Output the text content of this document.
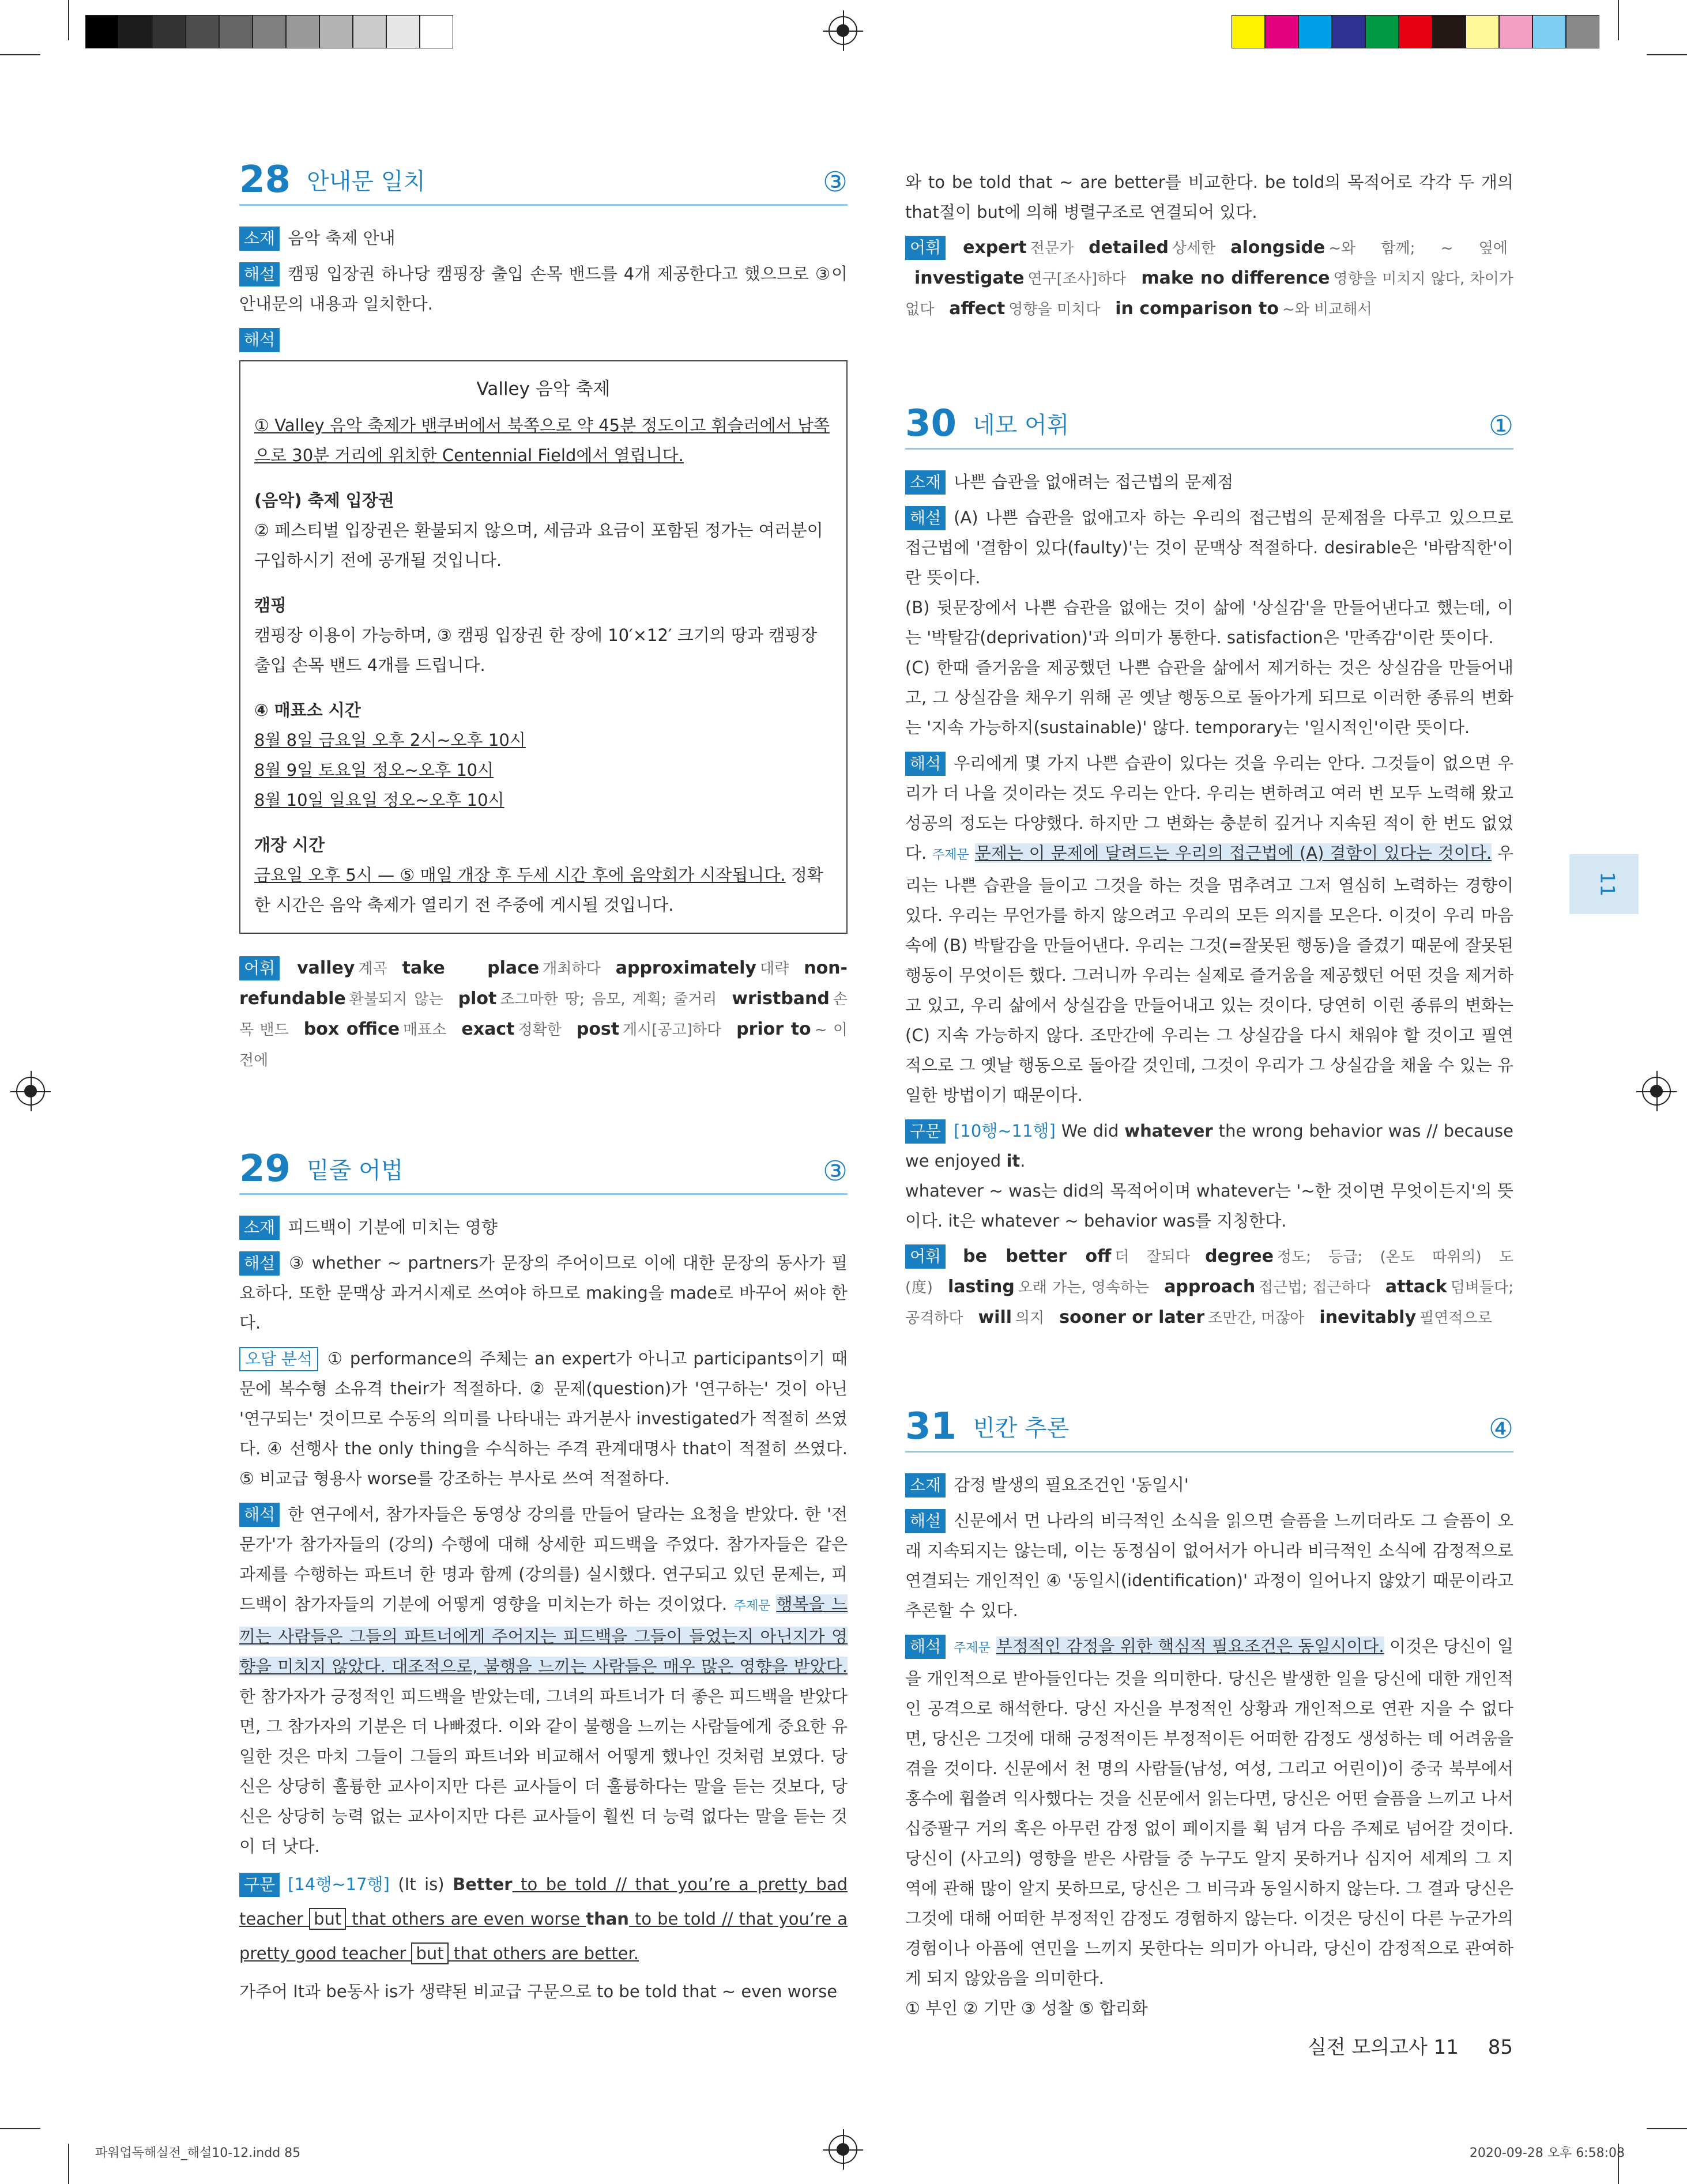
28 안내문 일치	③

소재 음악 축제 안내

해설 캠핑 입장권 하나당 캠핑장 출입 손목 밴드를 4개 제공한다고 했으므로 ③이 안내문의 내용과 일치한다.

해석

Valley 음악 축제

① Valley 음악 축제가 밴쿠버에서 북쪽으로 약 45분 정도이고 휘슬러에서 남쪽으로 30분 거리에 위치한 Centennial Field에서 열립니다.

(음악) 축제 입장권
② 페스티벌 입장권은 환불되지 않으며, 세금과 요금이 포함된 정가는 여러분이 구입하시기 전에 공개될 것입니다.

캠핑
캠핑장 이용이 가능하며, ③ 캠핑 입장권 한 장에 10′×12′ 크기의 땅과 캠핑장 출입 손목 밴드 4개를 드립니다.

④ 매표소 시간
8월 8일 금요일 오후 2시~오후 10시
8월 9일 토요일 정오~오후 10시
8월 10일 일요일 정오~오후 10시

개장 시간
금요일 오후 5시 — ⑤ 매일 개장 후 두세 시간 후에 음악회가 시작됩니다. 정확한 시간은 음악 축제가 열리기 전 주중에 게시될 것입니다.

어휘 valley 계곡 take place 개최하다 approximately 대략 non-refundable 환불되지 않는 plot 조그마한 땅; 음모, 계획; 줄거리 wristband 손목 밴드 box office 매표소 exact 정확한 post 게시[공고]하다 prior to ~ 이전에

29 밑줄 어법	③

소재 피드백이 기분에 미치는 영향

해설 ③ whether ~ partners가 문장의 주어이므로 이에 대한 문장의 동사가 필요하다. 또한 문맥상 과거시제로 쓰여야 하므로 making을 made로 바꾸어 써야 한다.

오답 분석 ① performance의 주체는 an expert가 아니고 participants이기 때문에 복수형 소유격 their가 적절하다. ② 문제(question)가 '연구하는' 것이 아닌 '연구되는' 것이므로 수동의 의미를 나타내는 과거분사 investigated가 적절히 쓰였다. ④ 선행사 the only thing을 수식하는 주격 관계대명사 that이 적절히 쓰였다. ⑤ 비교급 형용사 worse를 강조하는 부사로 쓰여 적절하다.

해석 한 연구에서, 참가자들은 동영상 강의를 만들어 달라는 요청을 받았다. 한 '전문가'가 참가자들의 (강의) 수행에 대해 상세한 피드백을 주었다. 참가자들은 같은 과제를 수행하는 파트너 한 명과 함께 (강의를) 실시했다. 연구되고 있던 문제는, 피드백이 참가자들의 기분에 어떻게 영향을 미치는가 하는 것이었다. 주제문 행복을 느끼는 사람들은 그들의 파트너에게 주어지는 피드백을 그들이 들었는지 아닌지가 영향을 미치지 않았다. 대조적으로, 불행을 느끼는 사람들은 매우 많은 영향을 받았다. 한 참가자가 긍정적인 피드백을 받았는데, 그녀의 파트너가 더 좋은 피드백을 받았다면, 그 참가자의 기분은 더 나빠졌다. 이와 같이 불행을 느끼는 사람들에게 중요한 유일한 것은 마치 그들이 그들의 파트너와 비교해서 어떻게 했나인 것처럼 보였다. 당신은 상당히 훌륭한 교사이지만 다른 교사들이 더 훌륭하다는 말을 듣는 것보다, 당신은 상당히 능력 없는 교사이지만 다른 교사들이 훨씬 더 능력 없다는 말을 듣는 것이 더 낫다.

구문 [14행~17행] (It is) Better to be told // that you’re a pretty bad teacher but that others are even worse than to be told // that you’re a pretty good teacher but that others are better.

가주어 It과 be동사 is가 생략된 비교급 구문으로 to be told that ~ even worse

와 to be told that ~ are better를 비교한다. be told의 목적어로 각각 두 개의 that절이 but에 의해 병렬구조로 연결되어 있다.

어휘 expert 전문가 detailed 상세한 alongside ~와 함께; ~ 옆에investigate 연구[조사]하다 make no difference 영향을 미치지 않다, 차이가 없다 affect 영향을 미치다 in comparison to ~와 비교해서

30 네모 어휘	①

소재 나쁜 습관을 없애려는 접근법의 문제점

해설 (A) 나쁜 습관을 없애고자 하는 우리의 접근법의 문제점을 다루고 있으므로 접근법에 '결함이 있다(faulty)'는 것이 문맥상 적절하다. desirable은 '바람직한'이란 뜻이다.

(B) 뒷문장에서 나쁜 습관을 없애는 것이 삶에 '상실감'을 만들어낸다고 했는데, 이는 '박탈감(deprivation)'과 의미가 통한다. satisfaction은 '만족감'이란 뜻이다.

(C) 한때 즐거움을 제공했던 나쁜 습관을 삶에서 제거하는 것은 상실감을 만들어내고, 그 상실감을 채우기 위해 곧 옛날 행동으로 돌아가게 되므로 이러한 종류의 변화는 '지속 가능하지(sustainable)' 않다. temporary는 '일시적인'이란 뜻이다.

해석 우리에게 몇 가지 나쁜 습관이 있다는 것을 우리는 안다. 그것들이 없으면 우리가 더 나을 것이라는 것도 우리는 안다. 우리는 변하려고 여러 번 모두 노력해 왔고 성공의 정도는 다양했다. 하지만 그 변화는 충분히 깊거나 지속된 적이 한 번도 없었다. 주제문 문제는 이 문제에 달려드는 우리의 접근법에 (A) 결함이 있다는 것이다. 우리는 나쁜 습관을 들이고 그것을 하는 것을 멈추려고 그저 열심히 노력하는 경향이 있다. 우리는 무언가를 하지 않으려고 우리의 모든 의지를 모은다. 이것이 우리 마음속에 (B) 박탈감을 만들어낸다. 우리는 그것(=잘못된 행동)을 즐겼기 때문에 잘못된 행동이 무엇이든 했다. 그러니까 우리는 실제로 즐거움을 제공했던 어떤 것을 제거하고 있고, 우리 삶에서 상실감을 만들어내고 있는 것이다. 당연히 이런 종류의 변화는 (C) 지속 가능하지 않다. 조만간에 우리는 그 상실감을 다시 채워야 할 것이고 필연적으로 그 옛날 행동으로 돌아갈 것인데, 그것이 우리가 그 상실감을 채울 수 있는 유일한 방법이기 때문이다.

구문 [10행~11행] We did whatever the wrong behavior was // because we enjoyed it.

whatever ~ was는 did의 목적어이며 whatever는 '~한 것이면 무엇이든지'의 뜻이다. it은 whatever ~ behavior was를 지칭한다.

어휘 be better off 더 잘되다 degree 정도; 등급; (온도 따위의) 도(度) lasting 오래 가는, 영속하는 approach 접근법; 접근하다 attack 덤벼들다; 공격하다 will 의지 sooner or later 조만간, 머잖아 inevitably 필연적으로

31 빈칸 추론	④

소재 감정 발생의 필요조건인 '동일시'

해설 신문에서 먼 나라의 비극적인 소식을 읽으면 슬픔을 느끼더라도 그 슬픔이 오래 지속되지는 않는데, 이는 동정심이 없어서가 아니라 비극적인 소식에 감정적으로 연결되는 개인적인 ④ '동일시(identification)' 과정이 일어나지 않았기 때문이라고 추론할 수 있다.

해석 주제문 부정적인 감정을 위한 핵심적 필요조건은 동일시이다. 이것은 당신이 일을 개인적으로 받아들인다는 것을 의미한다. 당신은 발생한 일을 당신에 대한 개인적인 공격으로 해석한다. 당신 자신을 부정적인 상황과 개인적으로 연관 지을 수 없다면, 당신은 그것에 대해 긍정적이든 부정적이든 어떠한 감정도 생성하는 데 어려움을 겪을 것이다. 신문에서 천 명의 사람들(남성, 여성, 그리고 어린이)이 중국 북부에서 홍수에 휩쓸려 익사했다는 것을 신문에서 읽는다면, 당신은 어떤 슬픔을 느끼고 나서 십중팔구 거의 혹은 아무런 감정 없이 페이지를 휙 넘겨 다음 주제로 넘어갈 것이다. 당신이 (사고의) 영향을 받은 사람들 중 누구도 알지 못하거나 심지어 세계의 그 지역에 관해 많이 알지 못하므로, 당신은 그 비극과 동일시하지 않는다. 그 결과 당신은 그것에 대해 어떠한 부정적인 감정도 경험하지 않는다. 이것은 당신이 다른 누군가의 경험이나 아픔에 연민을 느끼지 못한다는 의미가 아니라, 당신이 감정적으로 관여하게 되지 않았음을 의미한다.

① 부인 ② 기만 ③ 성찰 ⑤ 합리화

11
실전 모의고사 11 85
파워업독해실전_해설10-12.indd 85	2020-09-28 오후 6:58:08
